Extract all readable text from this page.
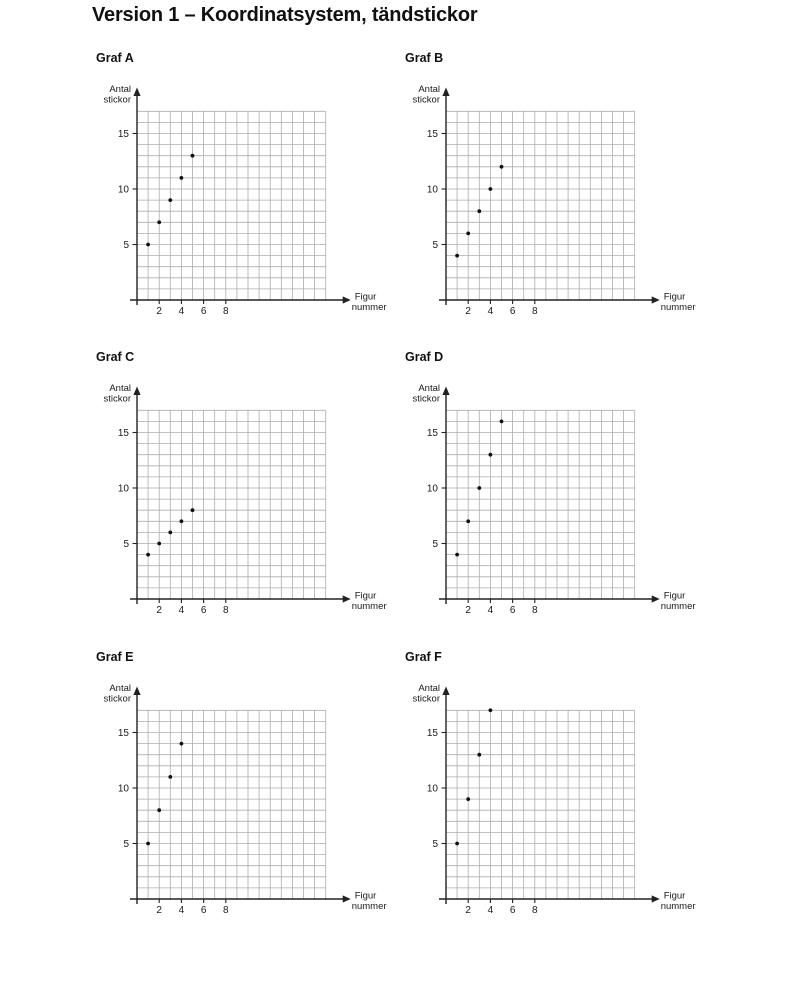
Version 1 – Koordinatsystem, tändstickor
Graf A
5
10
15
2 4 6 8
Antal
stickor
Figur
nummer
Graf B
5
10
15
2 4 6 8
Antal
stickor
Figur
nummer
Graf C
5
10
15
2 4 6 8
Antal
stickor
Figur
nummer
Graf D
5
10
15
2 4 6 8
Antal
stickor
Figur
nummer
Graf E
5
10
15
2 4 6 8
Antal
stickor
Figur
nummer
Graf F
5
10
15
2 4 6 8
Antal
stickor
Figur
nummer
